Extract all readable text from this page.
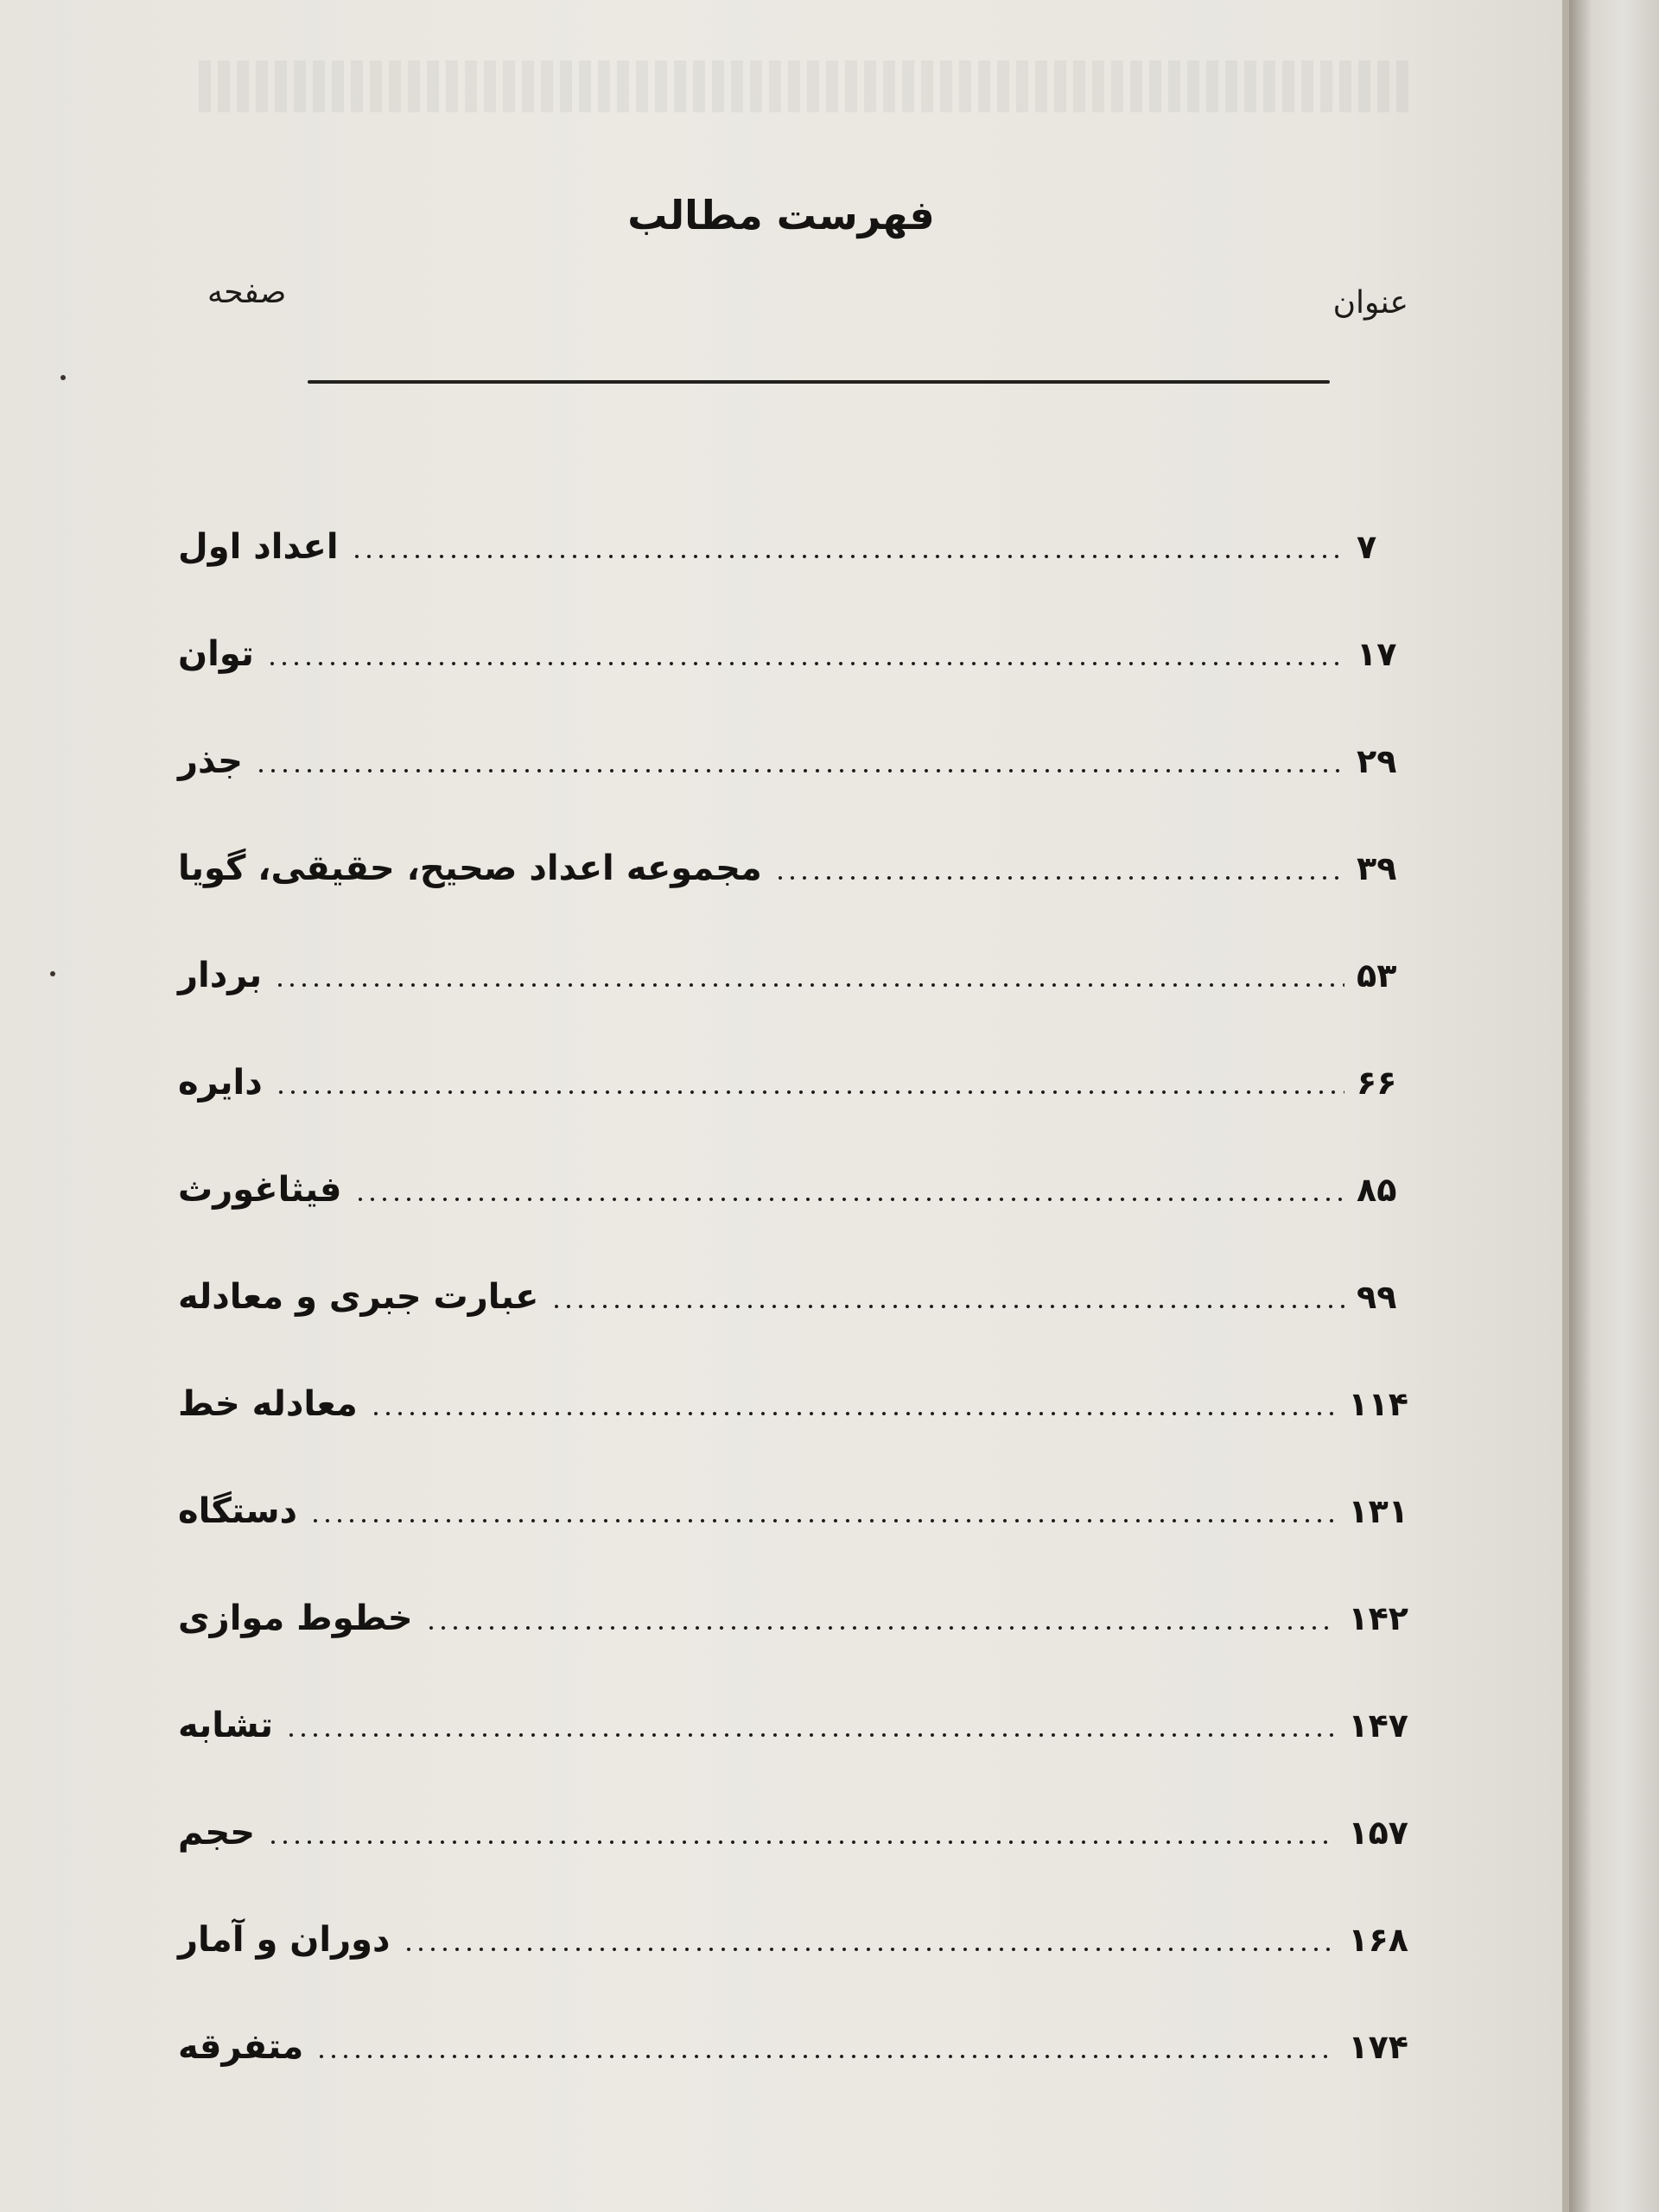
فهرست مطالب
عنوان
صفحه
اعداد اول	۷
توان	۱۷
جذر	۲۹
مجموعه اعداد صحیح، حقیقی، گویا	۳۹
بردار	۵۳
دایره	۶۶
فیثاغورث	۸۵
عبارت جبری و معادله	۹۹
معادله خط	۱۱۴
دستگاه	۱۳۱
خطوط موازی	۱۴۲
تشابه	۱۴۷
حجم	۱۵۷
دوران و آمار	۱۶۸
متفرقه	۱۷۴
